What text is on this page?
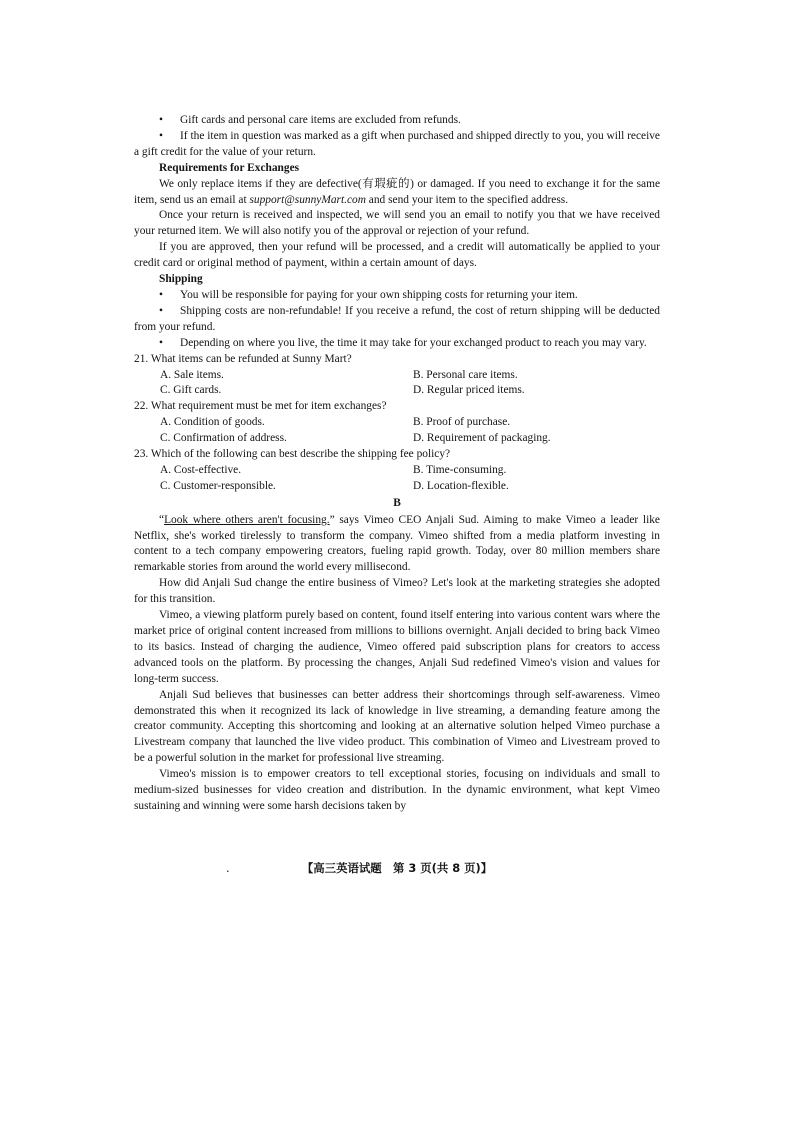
• Gift cards and personal care items are excluded from refunds.

• If the item in question was marked as a gift when purchased and shipped directly to you, you will receive a gift credit for the value of your return.

Requirements for Exchanges

We only replace items if they are defective(有瑕疵的) or damaged. If you need to exchange it for the same item, send us an email at support@sunnyMart.com and send your item to the specified address.

Once your return is received and inspected, we will send you an email to notify you that we have received your returned item. We will also notify you of the approval or rejection of your refund.

If you are approved, then your refund will be processed, and a credit will automatically be applied to your credit card or original method of payment, within a certain amount of days.

Shipping

• You will be responsible for paying for your own shipping costs for returning your item.

• Shipping costs are non-refundable! If you receive a refund, the cost of return shipping will be deducted from your refund.

• Depending on where you live, the time it may take for your exchanged product to reach you may vary.

21. What items can be refunded at Sunny Mart?

A. Sale items.	B. Personal care items.
C. Gift cards.	D. Regular priced items.

22. What requirement must be met for item exchanges?

A. Condition of goods.	B. Proof of purchase.
C. Confirmation of address.	D. Requirement of packaging.

23. Which of the following can best describe the shipping fee policy?

A. Cost-effective.	B. Time-consuming.
C. Customer-responsible.	D. Location-flexible.

B

“Look where others aren't focusing.” says Vimeo CEO Anjali Sud. Aiming to make Vimeo a leader like Netflix, she's worked tirelessly to transform the company. Vimeo shifted from a media platform investing in content to a tech company empowering creators, fueling rapid growth. Today, over 80 million members share remarkable stories from around the world every millisecond.

How did Anjali Sud change the entire business of Vimeo? Let's look at the marketing strategies she adopted for this transition.

Vimeo, a viewing platform purely based on content, found itself entering into various content wars where the market price of original content increased from millions to billions overnight. Anjali decided to bring back Vimeo to its basics. Instead of charging the audience, Vimeo offered paid subscription plans for creators to access advanced tools on the platform. By processing the changes, Anjali Sud redefined Vimeo's vision and values for long-term success.

Anjali Sud believes that businesses can better address their shortcomings through self-awareness. Vimeo demonstrated this when it recognized its lack of knowledge in live streaming, a demanding feature among the creator community. Accepting this shortcoming and looking at an alternative solution helped Vimeo purchase a Livestream company that launched the live video product. This combination of Vimeo and Livestream proved to be a powerful solution in the market for professional live streaming.

Vimeo's mission is to empower creators to tell exceptional stories, focusing on individuals and small to medium-sized businesses for video creation and distribution. In the dynamic environment, what kept Vimeo sustaining and winning were some harsh decisions taken by

.	【高三英语试题　第 3 页(共 8 页)】
